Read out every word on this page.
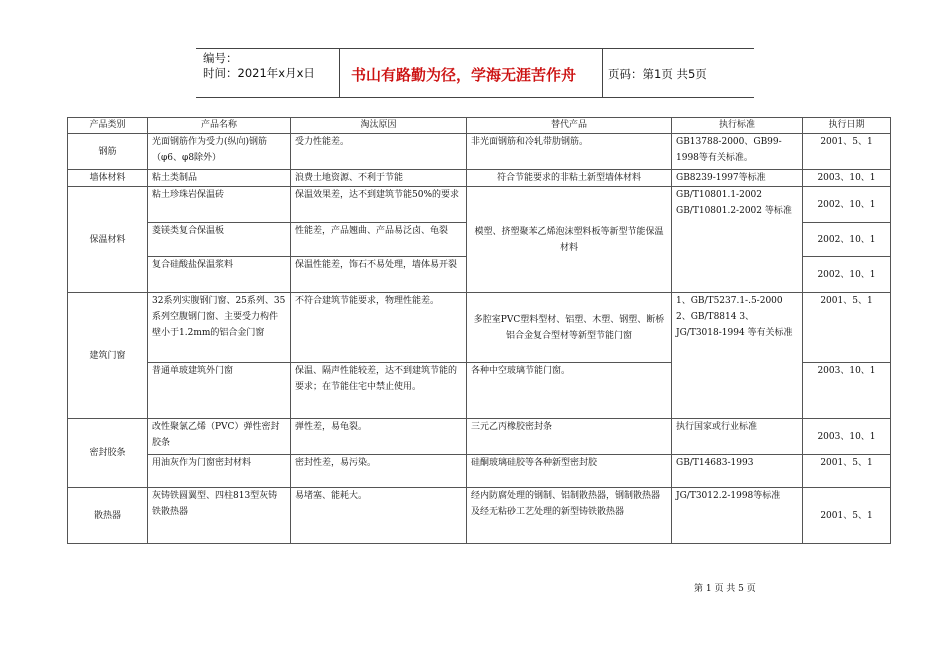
编号：
时间：2021年x月x日 书山有路勤为径，学海无涯苦作舟	页码：第1页 共5页
产品类别	产品名称	淘汰原因	替代产品	执行标准	执行日期
钢筋	光面钢筋作为受力(纵向)钢筋（φ6、φ8除外）	受力性能差。	非光面钢筋和冷轧带肋钢筋。	GB13788-2000、GB99-1998等有关标准。	2001、5、1
墙体材料	粘土类制品	浪费土地资源、不利于节能	符合节能要求的非粘土新型墙体材料	GB8239-1997等标准	2003、10、1
保温材料	粘土珍珠岩保温砖	保温效果差，达不到建筑节能50%的要求	模塑、挤塑聚苯乙烯泡沫塑料板等新型节能保温材料	GB/T10801.1-2002 GB/T10801.2-2002 等标准	2002、10、1
	菱镁类复合保温板	性能差，产品翘曲、产品易泛卤、龟裂			2002、10、1
	复合硅酸盐保温浆料	保温性能差，饰石不易处理，墙体易开裂			2002、10、1
建筑门窗	32系列实腹钢门窗、25系列、35系列空腹钢门窗、主要受力构件壁小于1.2mm的铝合金门窗	不符合建筑节能要求，物理性能差。	多腔室PVC塑料型材、铝塑、木塑、钢塑、断桥铝合金复合型材等新型节能门窗	1、GB/T5237.1-.5-2000 2、GB/T8814 3、JG/T3018-1994 等有关标准	2001、5、1
	普通单玻建筑外门窗	保温、隔声性能较差，达不到建筑节能的要求；在节能住宅中禁止使用。	各种中空玻璃节能门窗。		2003、10、1
密封胶条	改性聚氯乙烯（PVC）弹性密封胶条	弹性差，易龟裂。	三元乙丙橡胶密封条	执行国家或行业标准	2003、10、1
	用油灰作为门窗密封材料	密封性差，易污染。	硅酮玻璃硅胶等各种新型密封胶	GB/T14683-1993	2001、5、1
散热器	灰铸铁圆翼型、四柱813型灰铸铁散热器	易堵塞、能耗大。	经内防腐处理的钢制、铝制散热器，钢制散热器及经无粘砂工艺处理的新型铸铁散热器	JG/T3012.2-1998等标准	2001、5、1
第 1 页 共 5 页
